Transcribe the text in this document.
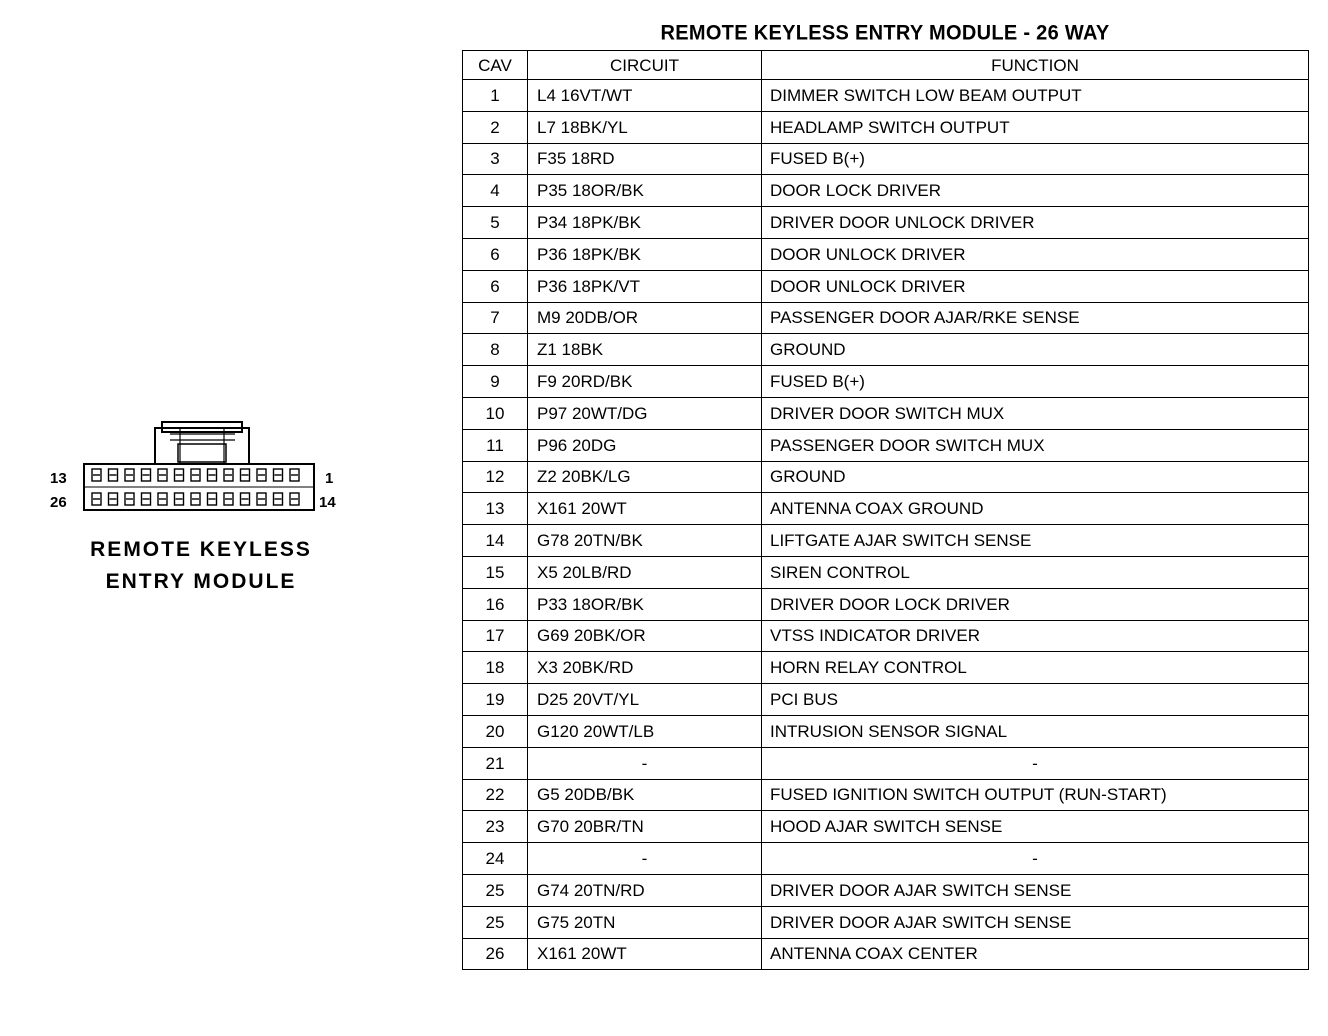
REMOTE KEYLESS ENTRY MODULE - 26 WAY
CAV	CIRCUIT	FUNCTION
1	L4 16VT/WT	DIMMER SWITCH LOW BEAM OUTPUT
2	L7 18BK/YL	HEADLAMP SWITCH OUTPUT
3	F35 18RD	FUSED B(+)
4	P35 18OR/BK	DOOR LOCK DRIVER
5	P34 18PK/BK	DRIVER DOOR UNLOCK DRIVER
6	P36 18PK/BK	DOOR UNLOCK DRIVER
6	P36 18PK/VT	DOOR UNLOCK DRIVER
7	M9 20DB/OR	PASSENGER DOOR AJAR/RKE SENSE
8	Z1 18BK	GROUND
9	F9 20RD/BK	FUSED B(+)
10	P97 20WT/DG	DRIVER DOOR SWITCH MUX
11	P96 20DG	PASSENGER DOOR SWITCH MUX
12	Z2 20BK/LG	GROUND
13	X161 20WT	ANTENNA COAX GROUND
14	G78 20TN/BK	LIFTGATE AJAR SWITCH SENSE
15	X5 20LB/RD	SIREN CONTROL
16	P33 18OR/BK	DRIVER DOOR LOCK DRIVER
17	G69 20BK/OR	VTSS INDICATOR DRIVER
18	X3 20BK/RD	HORN RELAY CONTROL
19	D25 20VT/YL	PCI BUS
20	G120 20WT/LB	INTRUSION SENSOR SIGNAL
21	-	-
22	G5 20DB/BK	FUSED IGNITION SWITCH OUTPUT (RUN-START)
23	G70 20BR/TN	HOOD AJAR SWITCH SENSE
24	-	-
25	G74 20TN/RD	DRIVER DOOR AJAR SWITCH SENSE
25	G75 20TN	DRIVER DOOR AJAR SWITCH SENSE
26	X161 20WT	ANTENNA COAX CENTER
13	1
26	14
REMOTE KEYLESS
ENTRY MODULE
